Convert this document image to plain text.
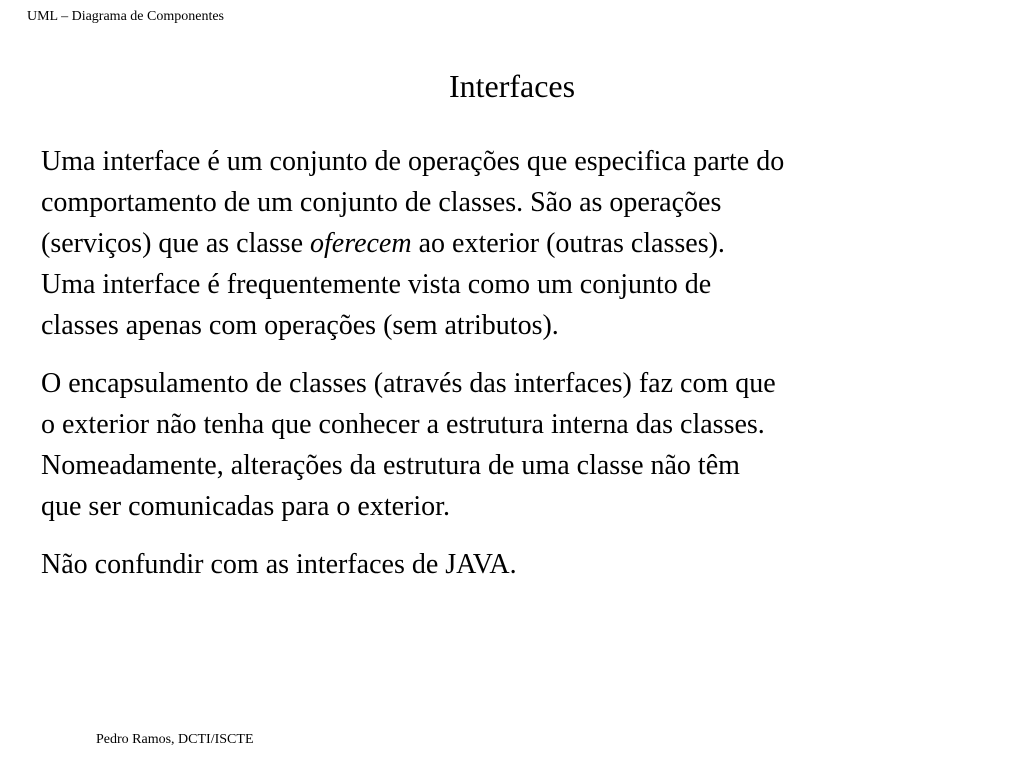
UML – Diagrama de Componentes
Interfaces

Uma interface é um conjunto de operações que especifica parte do
comportamento de um conjunto de classes. São as operações
(serviços) que as classe oferecem ao exterior (outras classes).
Uma interface é frequentemente vista como um conjunto de
classes apenas com operações (sem atributos).

O encapsulamento de classes (através das interfaces) faz com que
o exterior não tenha que conhecer a estrutura interna das classes.
Nomeadamente, alterações da estrutura de uma classe não têm
que ser comunicadas para o exterior.

Não confundir com as interfaces de JAVA.

Pedro Ramos, DCTI/ISCTE
